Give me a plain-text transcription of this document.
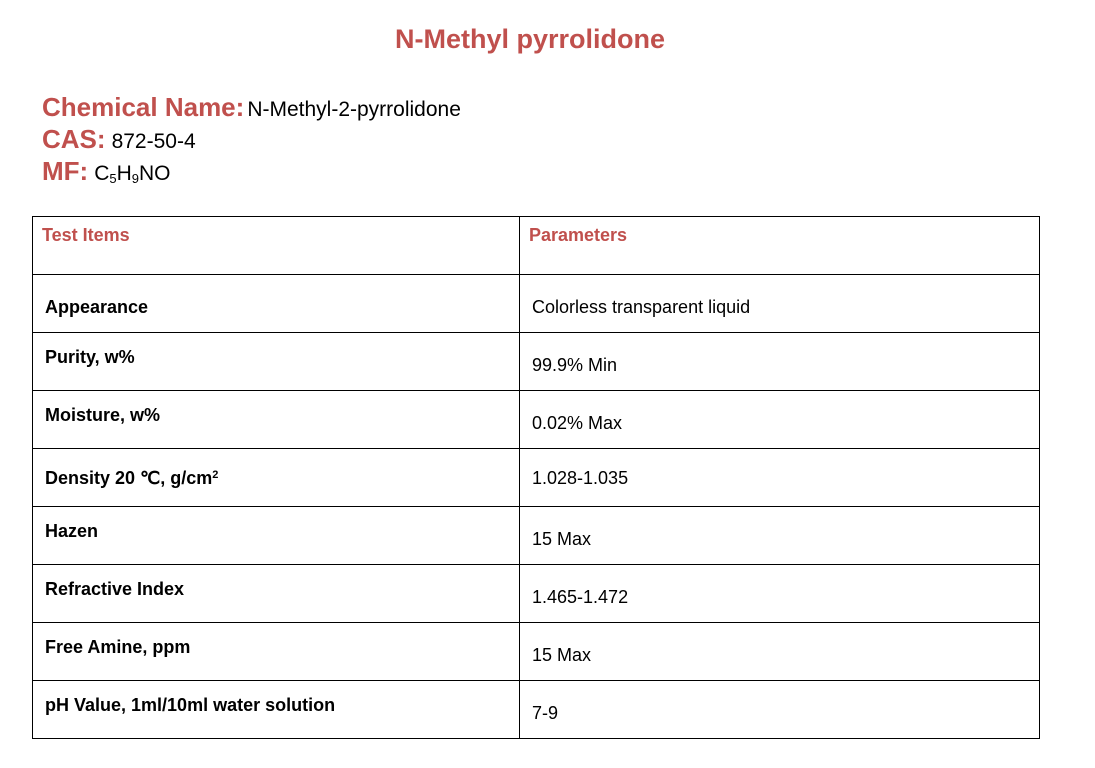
N-Methyl pyrrolidone
Chemical Name: N-Methyl-2-pyrrolidone
CAS: 872-50-4
MF: $C_5H_9NO$
Test Items	Parameters

Appearance	Colorless transparent liquid

Purity, w%	99.9% Min

Moisture, w%	0.02% Max

Density 20 ℃, $g/cm^2$	1.028-1.035

Hazen	15 Max

Refractive Index	1.465-1.472

Free Amine, ppm	15 Max

pH Value, 1ml/10ml water solution	7-9
